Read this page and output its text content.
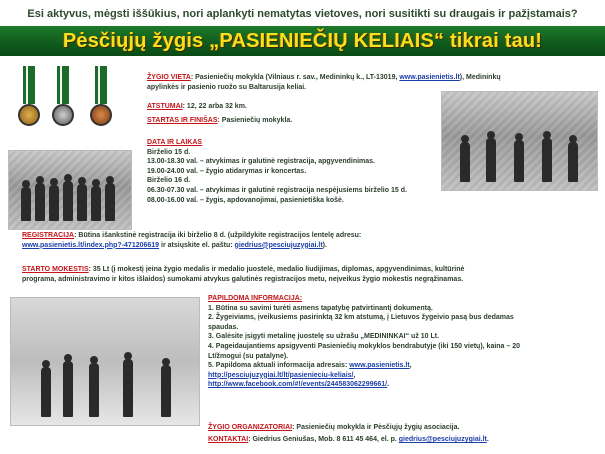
Esi aktyvus, mėgsti iššūkius, nori aplankyti nematytas vietoves, nori susitikti su draugais ir pažįstamais?
Pėsčiųjų žygis „PASIENIEČIŲ KELIAIS“ tikrai tau!
ŽYGIO VIETA: Pasieniečių mokykla (Vilniaus r. sav., Medininkų k., LT-13019, www.pasienietis.lt), Medininkų
apylinkės ir pasienio ruožo su Baltarusija keliai.
ATSTUMAI: 12, 22 arba 32 km.
STARTAS IR FINIŠAS: Pasieniečių mokykla.
DATA IR LAIKAS
Birželio 15 d.
13.00-18.30 val. – atvykimas ir galutinė registracija, apgyvendinimas.
19.00-24.00 val. – žygio atidarymas ir koncertas.
Birželio 16 d.
06.30-07.30 val. – atvykimas ir galutinė registracija nespėjusiems birželio 15 d.
08.00-16.00 val. – žygis, apdovanojimai, pasienietiška košė.
REGISTRACIJA: Būtina išankstinė registracija iki birželio 8 d. (užpildykite registracijos lentelę adresu:
www.pasienietis.lt/index.php?-471206619 ir atsiųskite el. paštu: giedrius@pesciujuzygiai.lt).
STARTO MOKESTIS: 35 Lt (į mokestį įeina žygio medalis ir medalio juostelė, medalio liudijimas, diplomas, apgyvendinimas, kultūrinė
programa, administravimo ir kitos išlaidos) sumokami atvykus galutinės registracijos metu, neįveikus žygio mokestis negrąžinamas.
PAPILDOMA INFORMACIJA:
1. Būtina su savimi turėti asmens tapatybę patvirtinantį dokumentą.
2. Žygeiviams, įveikusiems pasirinktą 32 km atstumą, į Lietuvos žygeivio pasą bus dedamas
spaudas.
3. Galėsite įsigyti metalinę juostelę su užrašu „MEDININKAI“ už 10 Lt.
4. Pageidaujantiems apsigyventi Pasieniečių mokyklos bendrabutyje (iki 150 vietų), kaina – 20
Lt/žmogui (su patalyne).
5. Papildoma aktuali informacija adresais: www.pasienietis.lt,
http://pesciujuzygiai.lt/lt/pasienieciu-keliais/,
http://www.facebook.com/#!/events/244583062299661/.
ŽYGIO ORGANIZATORIAI: Pasieniečių mokykla ir Pėsčiųjų žygių asociacija.
KONTAKTAI: Giedrius Geniušas, Mob. 8 611 45 464, el. p. giedrius@pesciujuzygiai.lt.
